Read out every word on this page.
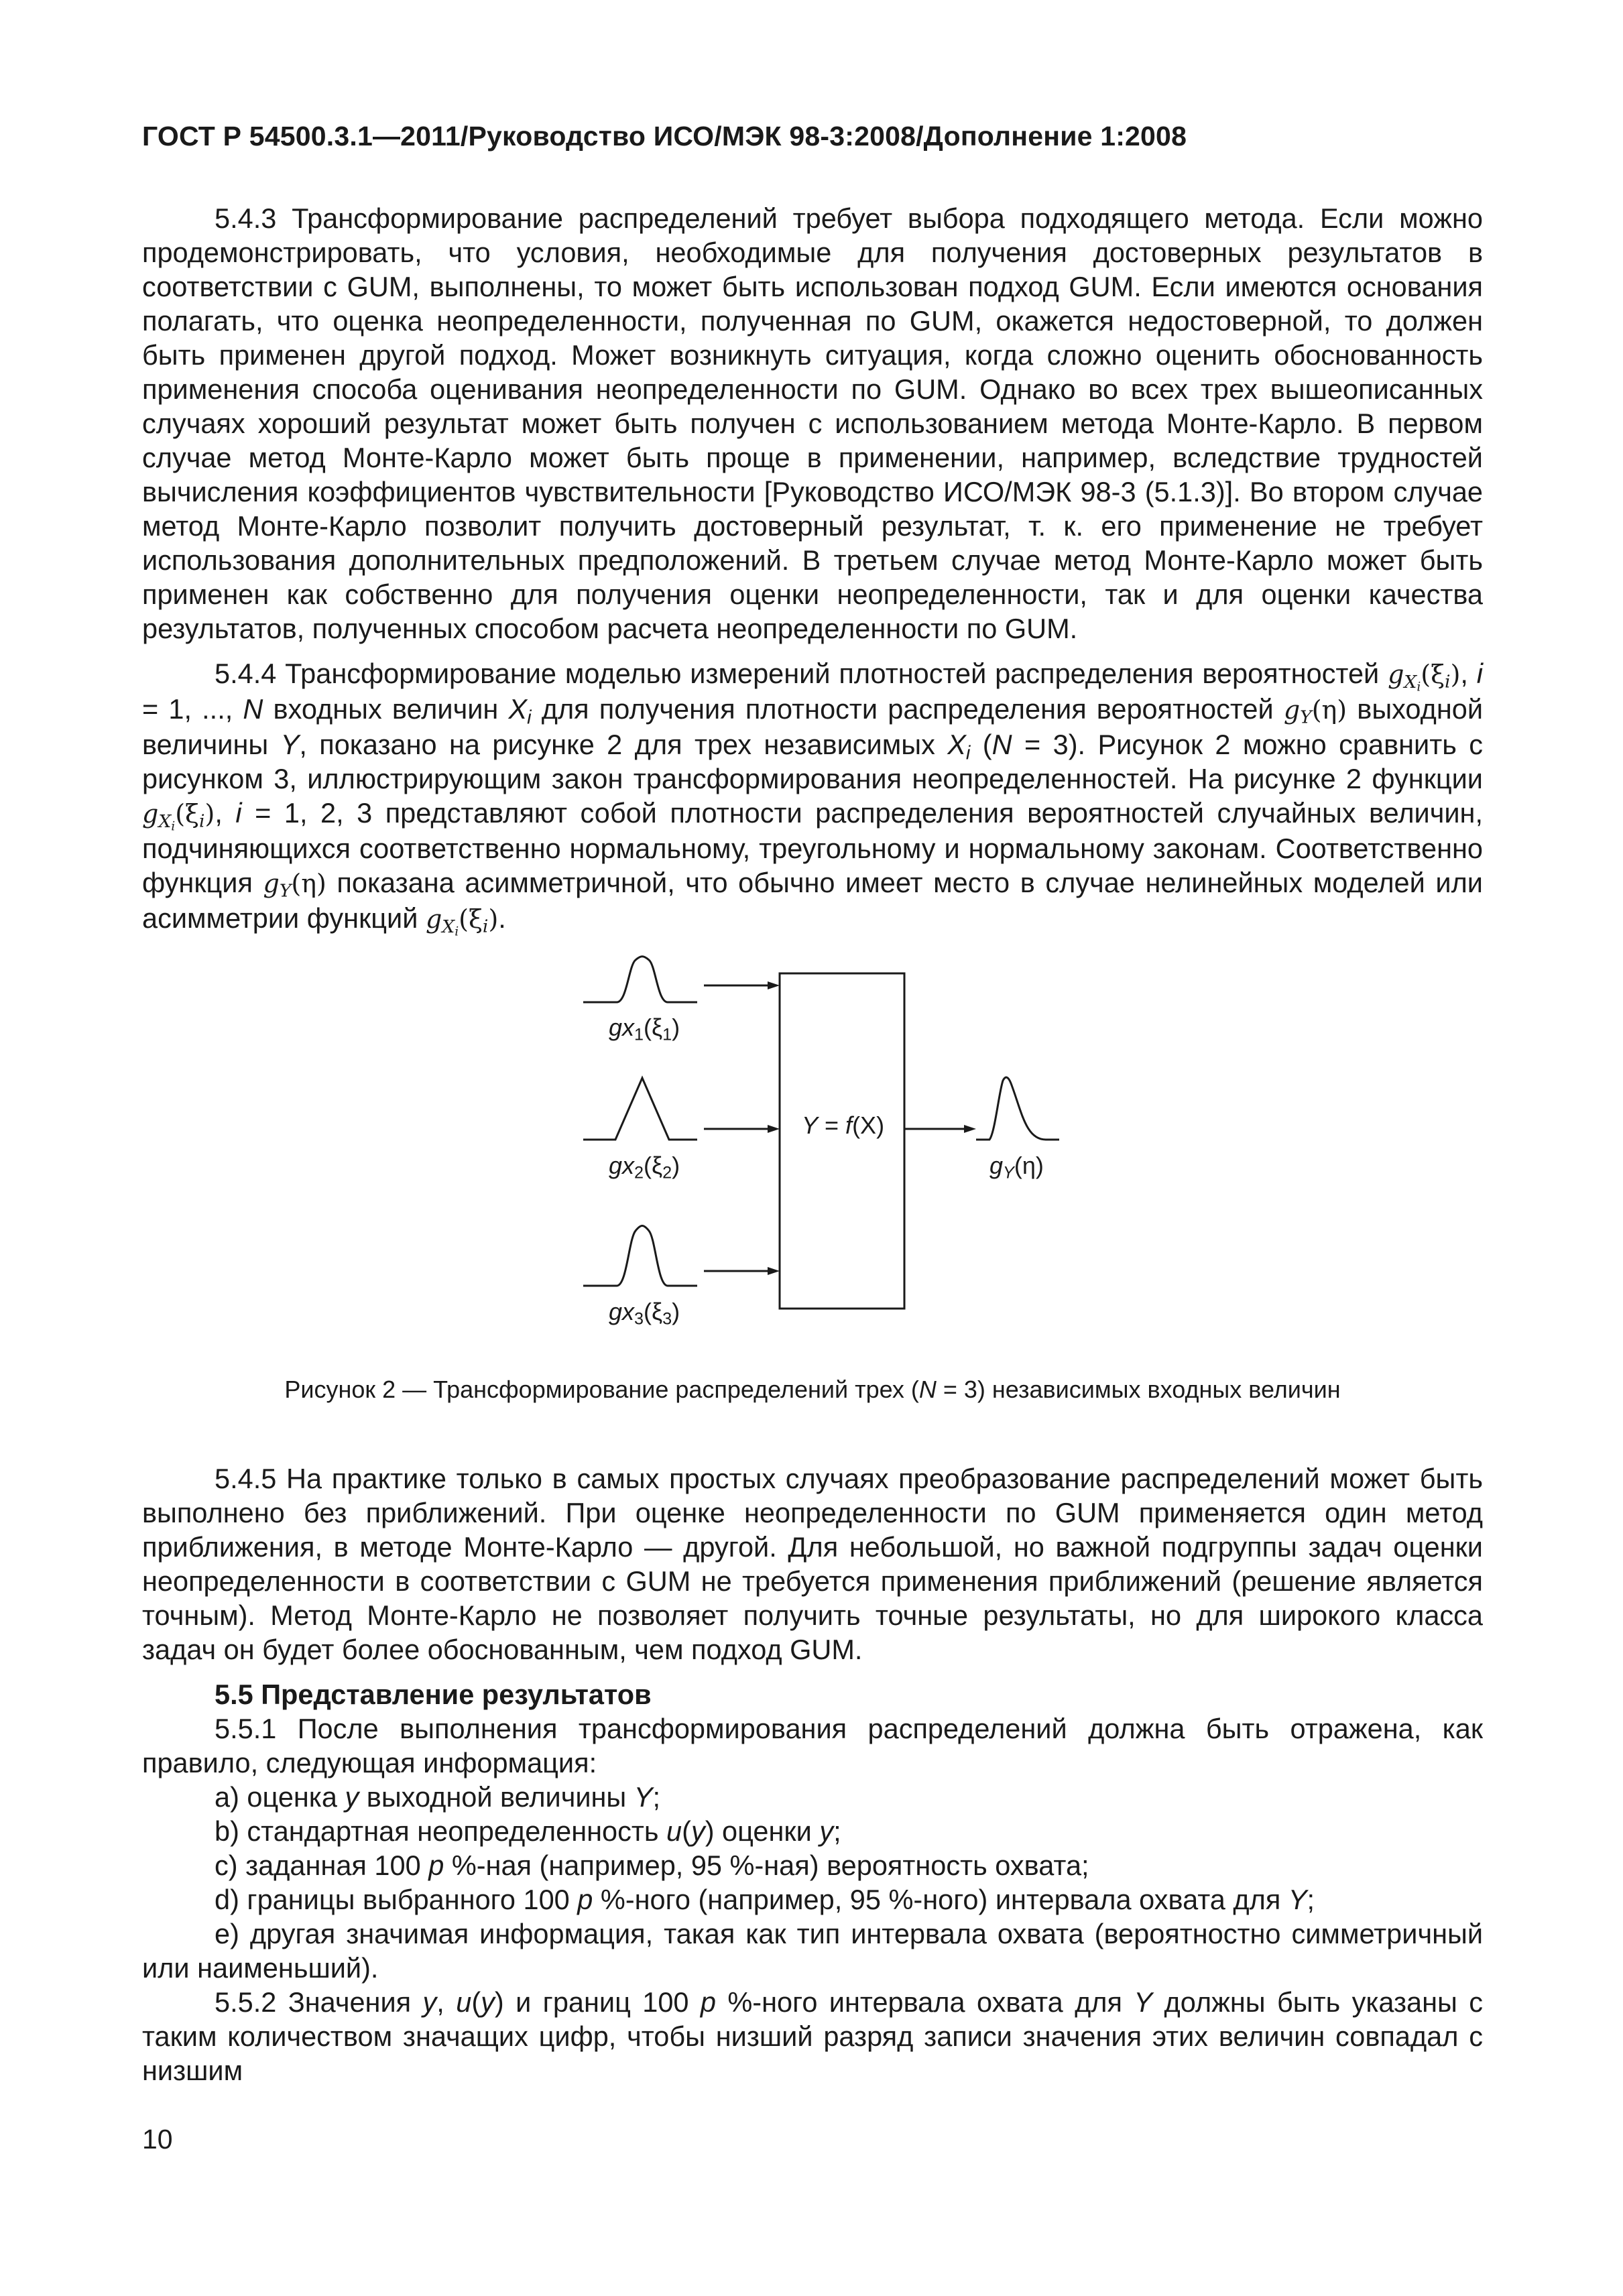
ГОСТ Р 54500.3.1—2011/Руководство ИСО/МЭК 98-3:2008/Дополнение 1:2008

5.4.3 Трансформирование распределений требует выбора подходящего метода. Если можно продемонстрировать, что условия, необходимые для получения достоверных результатов в соответствии с GUM, выполнены, то может быть использован подход GUM. Если имеются основания полагать, что оценка неопределенности, полученная по GUM, окажется недостоверной, то должен быть применен другой подход. Может возникнуть ситуация, когда сложно оценить обоснованность применения способа оценивания неопределенности по GUM. Однако во всех трех вышеописанных случаях хороший результат может быть получен с использованием метода Монте-Карло. В первом случае метод Монте-Карло может быть проще в применении, например, вследствие трудностей вычисления коэффициентов чувствительности [Руководство ИСО/МЭК 98-3 (5.1.3)]. Во втором случае метод Монте-Карло позволит получить достоверный результат, т. к. его применение не требует использования дополнительных предположений. В третьем случае метод Монте-Карло может быть применен как собственно для получения оценки неопределенности, так и для оценки качества результатов, полученных способом расчета неопределенности по GUM.

5.4.4 Трансформирование моделью измерений плотностей распределения вероятностей $g_{X_i}(\xi_i)$, i = 1, ..., N входных величин $X_i$ для получения плотности распределения вероятностей $g_Y(\eta)$ выходной величины Y, показано на рисунке 2 для трех независимых $X_i$ (N = 3). Рисунок 2 можно сравнить с рисунком 3, иллюстрирующим закон трансформирования неопределенностей. На рисунке 2 функции $g_{X_i}(\xi_i)$, i = 1, 2, 3 представляют собой плотности распределения вероятностей случайных величин, подчиняющихся соответственно нормальному, треугольному и нормальному законам. Соответственно функция $g_Y(\eta)$ показана асимметричной, что обычно имеет место в случае нелинейных моделей или асимметрии функций $g_{X_i}(\xi_i)$.

$gx_1(\xi_1)$
$gx_2(\xi_2)$
$gx_3(\xi_3)$
Y = f(X)
$g_Y(\eta)$
Рисунок 2 — Трансформирование распределений трех (N = 3) независимых входных величин

5.4.5 На практике только в самых простых случаях преобразование распределений может быть выполнено без приближений. При оценке неопределенности по GUM применяется один метод приближения, в методе Монте-Карло — другой. Для небольшой, но важной подгруппы задач оценки неопределенности в соответствии с GUM не требуется применения приближений (решение является точным). Метод Монте-Карло не позволяет получить точные результаты, но для широкого класса задач он будет более обоснованным, чем подход GUM.

5.5 Представление результатов

5.5.1 После выполнения трансформирования распределений должна быть отражена, как правило, следующая информация:

a) оценка y выходной величины Y;
b) стандартная неопределенность u(y) оценки y;
c) заданная 100 p %-ная (например, 95 %-ная) вероятность охвата;
d) границы выбранного 100 p %-ного (например, 95 %-ного) интервала охвата для Y;

e) другая значимая информация, такая как тип интервала охвата (вероятностно симметричный или наименьший).

5.5.2 Значения y, u(y) и границ 100 p %-ного интервала охвата для Y должны быть указаны с таким количеством значащих цифр, чтобы низший разряд записи значения этих величин совпадал с низшим

10
